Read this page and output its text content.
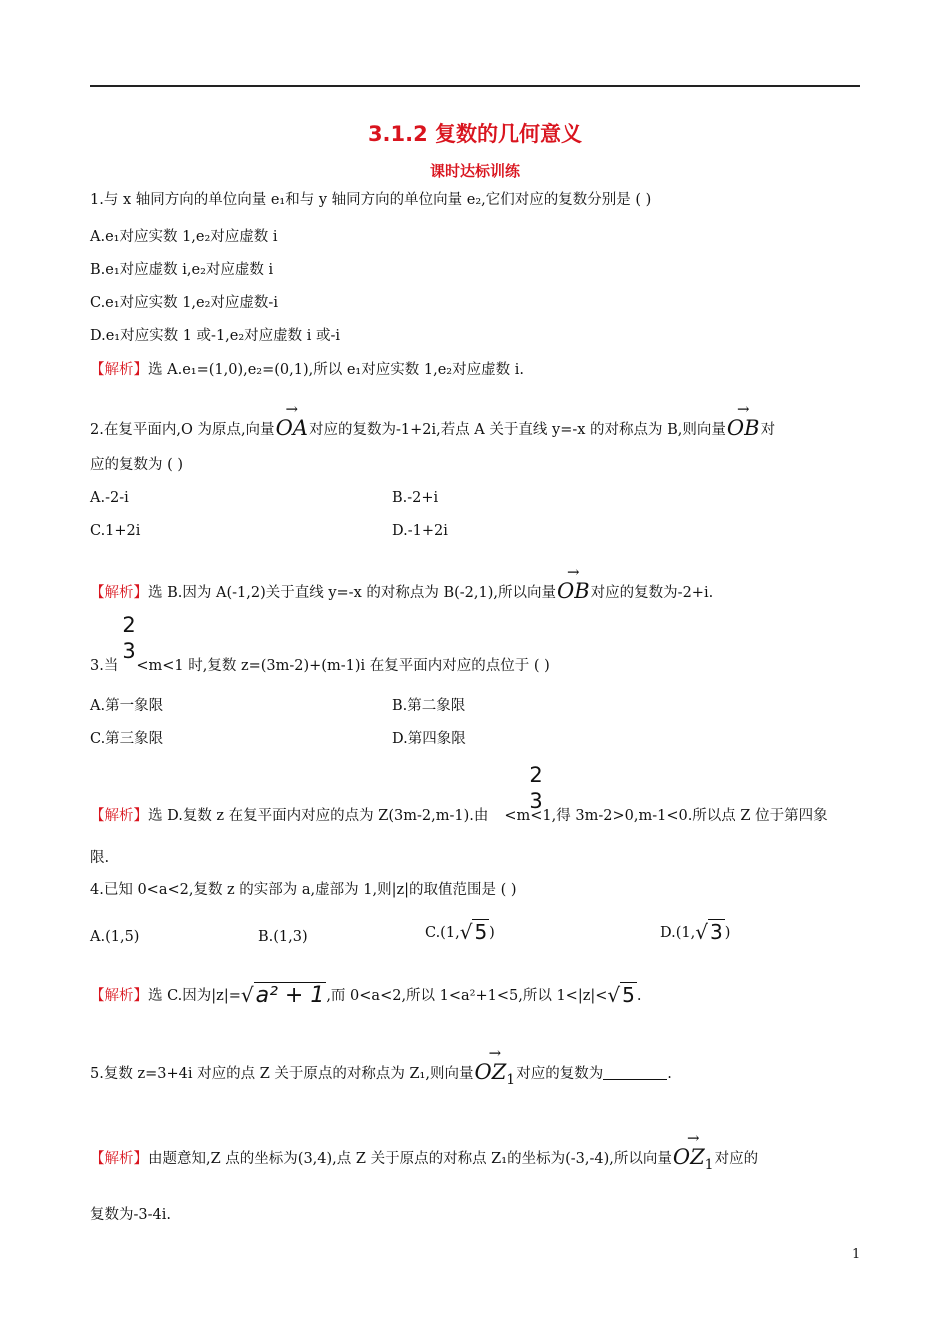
3.1.2 复数的几何意义
课时达标训练
1.与 x 轴同方向的单位向量 e₁和与 y 轴同方向的单位向量 e₂,它们对应的复数分别是 ( )
A.e₁对应实数 1,e₂对应虚数 i
B.e₁对应虚数 i,e₂对应虚数 i
C.e₁对应实数 1,e₂对应虚数-i
D.e₁对应实数 1 或-1,e₂对应虚数 i 或-i
【解析】选 A.e₁=(1,0),e₂=(0,1),所以 e₁对应实数 1,e₂对应虚数 i.
2.在复平面内,O 为原点,向量
→
OA对应的复数为-1+2i,若点 A 关于直线 y=-x 的对称点为 B,则向量
→
OB对
应的复数为 ( )
A.-2-i	B.-2+i
C.1+2i	D.-1+2i
【解析】选 B.因为 A(-1,2)关于直线 y=-x 的对称点为 B(-2,1),所以向量
→
OB对应的复数为-2+i.
2
3
3.当 <m<1 时,复数 z=(3m-2)+(m-1)i 在复平面内对应的点位于 ( )
A.第一象限	B.第二象限
C.第三象限	D.第四象限
2
3
【解析】选 D.复数 z 在复平面内对应的点为 Z(3m-2,m-1).由 <m<1,得 3m-2>0,m-1<0.所以点 Z 位于第四象
限.
4.已知 0<a<2,复数 z 的实部为 a,虚部为 1,则|z|的取值范围是 ( )
A.(1,5)	B.(1,3)	C.(1,√ 5 )	D.(1,√ 3 )
【解析】选 C.因为|z|=√a² + 1 ,而 0<a<2,所以 1<a²+1<5,所以 1<|z|<√ 5 .
5.复数 z=3+4i 对应的点 Z 关于原点的对称点为 Z₁,则向量
→
$OZ_1$对应的复数为	.
【解析】由题意知,Z 点的坐标为(3,4),点 Z 关于原点的对称点 Z₁的坐标为(-3,-4),所以向量
→
$OZ_1$对应的
复数为-3-4i.
1
